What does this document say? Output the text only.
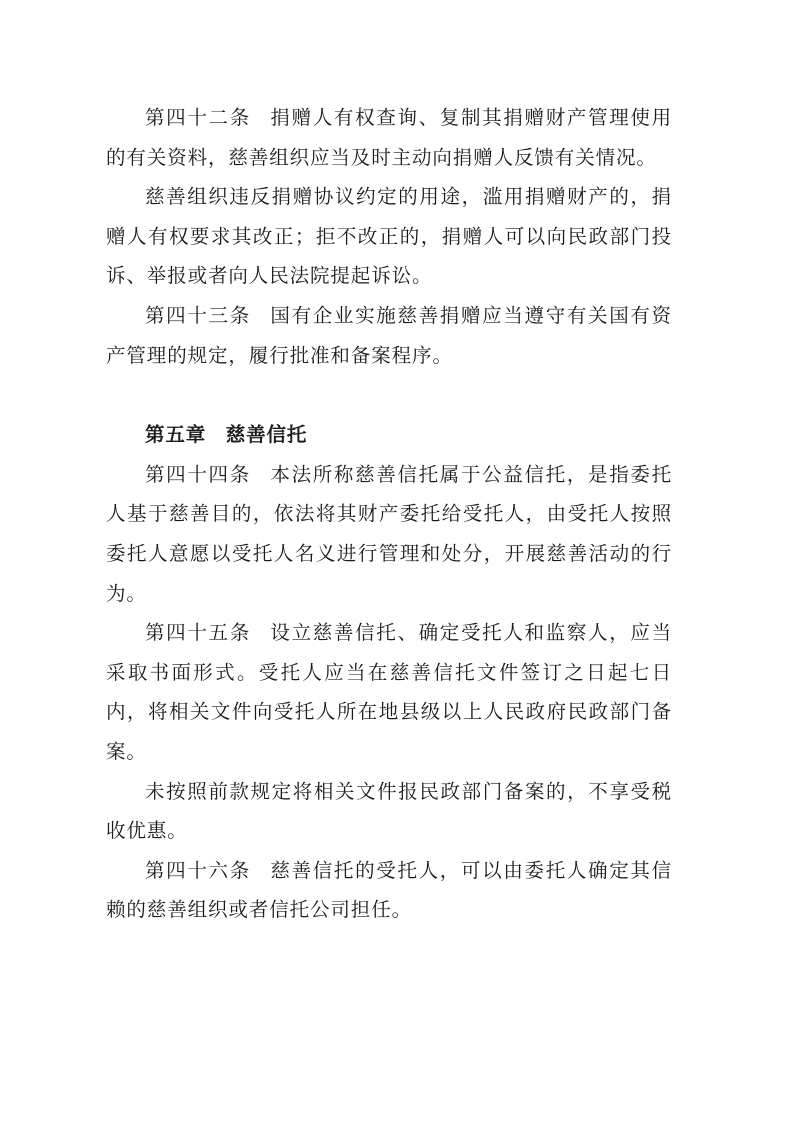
第四十二条 捐赠人有权查询、复制其捐赠财产管理使用的有关资料，慈善组织应当及时主动向捐赠人反馈有关情况。

慈善组织违反捐赠协议约定的用途，滥用捐赠财产的，捐赠人有权要求其改正；拒不改正的，捐赠人可以向民政部门投诉、举报或者向人民法院提起诉讼。

第四十三条 国有企业实施慈善捐赠应当遵守有关国有资产管理的规定，履行批准和备案程序。

第五章 慈善信托

第四十四条 本法所称慈善信托属于公益信托，是指委托人基于慈善目的，依法将其财产委托给受托人，由受托人按照委托人意愿以受托人名义进行管理和处分，开展慈善活动的行为。

第四十五条 设立慈善信托、确定受托人和监察人，应当采取书面形式。受托人应当在慈善信托文件签订之日起七日内，将相关文件向受托人所在地县级以上人民政府民政部门备案。

未按照前款规定将相关文件报民政部门备案的，不享受税收优惠。

第四十六条 慈善信托的受托人，可以由委托人确定其信赖的慈善组织或者信托公司担任。
